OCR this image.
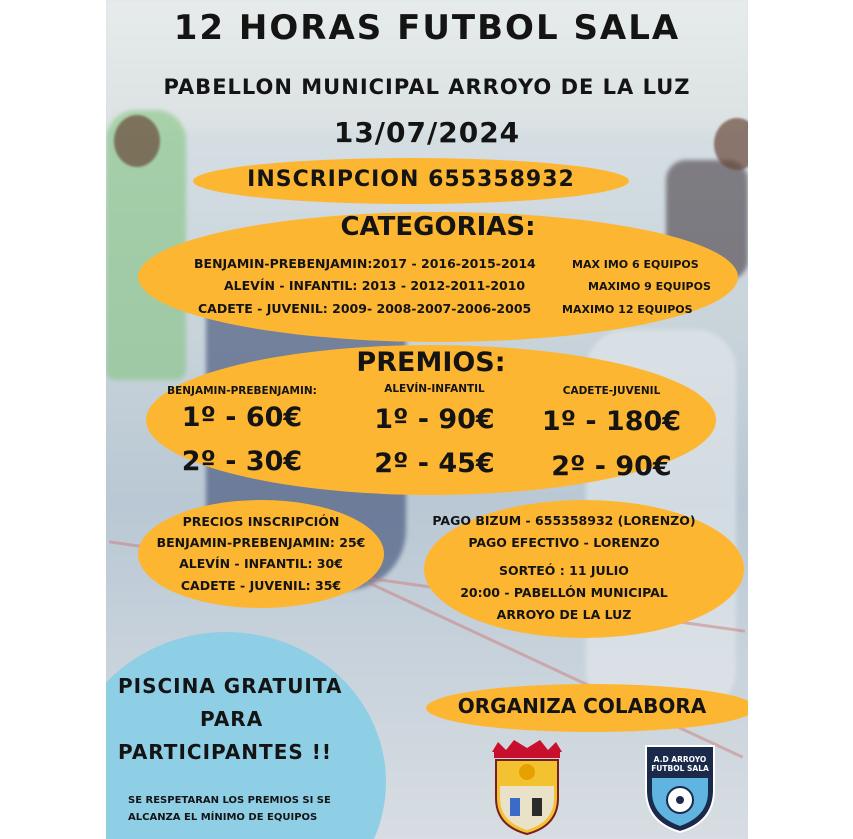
12 HORAS FUTBOL SALA
PABELLON MUNICIPAL ARROYO DE LA LUZ
13/07/2024
INSCRIPCION 655358932
CATEGORIAS:
BENJAMIN-PREBENJAMIN:2017 - 2016-2015-2014	MAX IMO 6 EQUIPOS
ALEVÍN - INFANTIL: 2013 - 2012-2011-2010	MAXIMO 9 EQUIPOS
CADETE - JUVENIL: 2009- 2008-2007-2006-2005	MAXIMO 12 EQUIPOS
PREMIOS:
BENJAMIN-PREBENJAMIN:
1º - 60€
2º - 30€
ALEVÍN-INFANTIL
1º - 90€
2º - 45€
CADETE-JUVENIL
1º - 180€
2º - 90€
PRECIOS INSCRIPCIÓN
BENJAMIN-PREBENJAMIN: 25€
ALEVÍN - INFANTIL: 30€
CADETE - JUVENIL: 35€
PAGO BIZUM - 655358932 (LORENZO)
PAGO EFECTIVO - LORENZO
SORTEÓ : 11 JULIO
20:00 - PABELLÓN MUNICIPAL
ARROYO DE LA LUZ
PISCINA GRATUITA
PARA
PARTICIPANTES !!
SE RESPETARAN LOS PREMIOS SI SE
ALCANZA EL MÍNIMO DE EQUIPOS
ORGANIZA COLABORA
A.D ARROYO FUTBOL SALA
